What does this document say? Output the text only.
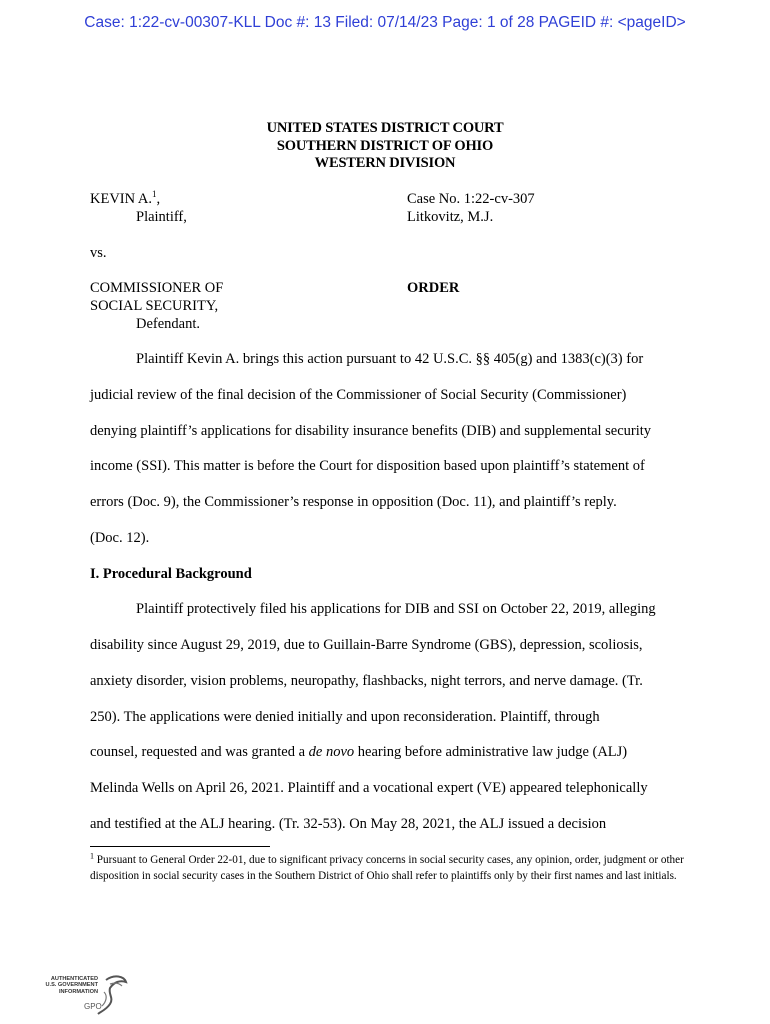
Case: 1:22-cv-00307-KLL Doc #: 13 Filed: 07/14/23 Page: 1 of 28 PAGEID #: <pageID>
UNITED STATES DISTRICT COURT
SOUTHERN DISTRICT OF OHIO
WESTERN DIVISION
KEVIN A.$^1$,
Plaintiff,
Case No. 1:22-cv-307
Litkovitz, M.J.
vs.
COMMISSIONER OF
SOCIAL SECURITY,
Defendant.
ORDER
Plaintiff Kevin A. brings this action pursuant to 42 U.S.C. §§ 405(g) and 1383(c)(3) for
judicial review of the final decision of the Commissioner of Social Security (Commissioner)
denying plaintiff’s applications for disability insurance benefits (DIB) and supplemental security
income (SSI). This matter is before the Court for disposition based upon plaintiff’s statement of
errors (Doc. 9), the Commissioner’s response in opposition (Doc. 11), and plaintiff’s reply.
(Doc. 12).
I. Procedural Background
Plaintiff protectively filed his applications for DIB and SSI on October 22, 2019, alleging
disability since August 29, 2019, due to Guillain-Barre Syndrome (GBS), depression, scoliosis,
anxiety disorder, vision problems, neuropathy, flashbacks, night terrors, and nerve damage. (Tr.
250). The applications were denied initially and upon reconsideration. Plaintiff, through
counsel, requested and was granted a de novo hearing before administrative law judge (ALJ)
Melinda Wells on April 26, 2021. Plaintiff and a vocational expert (VE) appeared telephonically
and testified at the ALJ hearing. (Tr. 32-53). On May 28, 2021, the ALJ issued a decision
$^1$ Pursuant to General Order 22-01, due to significant privacy concerns in social security cases, any opinion, order, judgment or other disposition in social security cases in the Southern District of Ohio shall refer to plaintiffs only by their first names and last initials.
AUTHENTICATED
U.S. GOVERNMENT
INFORMATION
GPO
